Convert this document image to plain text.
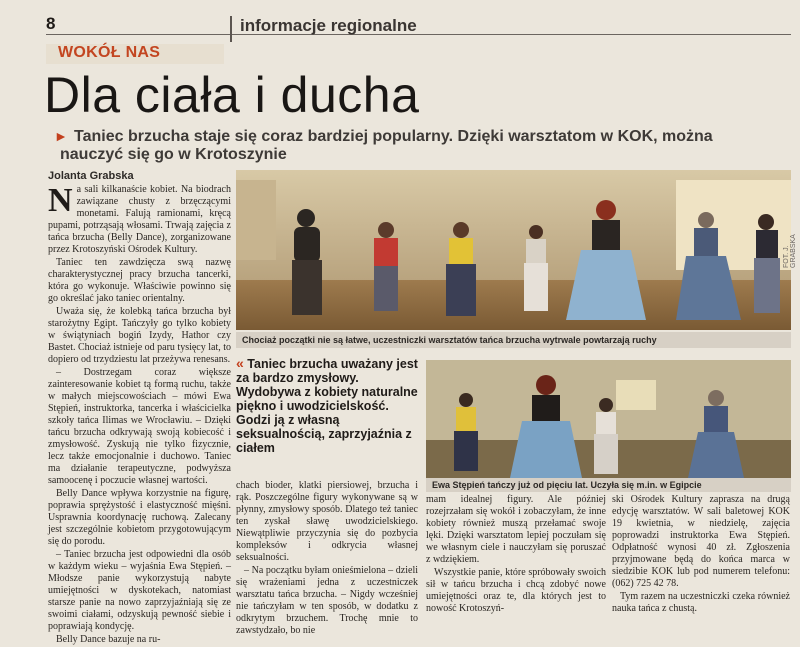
8	informacje regionalne
WOKÓŁ NAS
Dla ciała i ducha
► Taniec brzucha staje się coraz bardziej popularny. Dzięki warsztatom w KOK, można nauczyć się go w Krotoszynie
Jolanta Grabska

Na sali kilkanaście kobiet. Na biodrach zawiązane chusty z brzęczącymi monetami. Falują ramionami, kręcą pupami, potrząsają włosami. Trwają zajęcia z tańca brzucha (Belly Dance), zorganizowane przez Krotoszyński Ośrodek Kultury.

Taniec ten zawdzięcza swą nazwę charakterystycznej pracy brzucha tancerki, która go wykonuje. Właściwie powinno się go określać jako taniec orientalny.

Uważa się, że kolebką tańca brzucha był starożytny Egipt. Tańczyły go tylko kobiety w świątyniach bogiń Izydy, Hathor czy Bastet. Chociaż istnieje od paru tysięcy lat, to dopiero od trzydziestu lat przeżywa renesans.

– Dostrzegam coraz większe zainteresowanie kobiet tą formą ruchu, także w małych miejscowościach – mówi Ewa Stępień, instruktorka, tancerka i właścicielka szkoły tańca Ilimas we Wrocławiu. – Dzięki tańcu brzucha odkrywają swoją kobiecość i zmysłowość. Zyskują nie tylko fizycznie, lecz także emocjonalnie i duchowo. Taniec ma działanie terapeutyczne, podwyższa samoocenę i poczucie własnej wartości.

Belly Dance wpływa korzystnie na figurę, poprawia sprężystość i elastyczność mięśni. Usprawnia koordynację ruchową. Zalecany jest szczególnie kobietom przygotowującym się do porodu.

– Taniec brzucha jest odpowiedni dla osób w każdym wieku – wyjaśnia Ewa Stępień. – Młodsze panie wykorzystują nabyte umiejętności w dyskotekach, natomiast starsze panie na nowo zaprzyjaźniają się ze swoimi ciałami, odzyskują pewność siebie i poprawiają kondycję.

Belly Dance bazuje na ru-

Chociaż początki nie są łatwe, uczestniczki warsztatów tańca brzucha wytrwale powtarzają ruchy
FOT. J. GRABSKA
« Taniec brzucha uważany jest za bardzo zmysłowy. Wydobywa z kobiety naturalne piękno i uwodzicielskość. Godzi ją z własną seksualnością, zaprzyjaźnia z ciałem
Ewa Stępień tańczy już od pięciu lat. Uczyła się m.in. w Egipcie

chach bioder, klatki piersiowej, brzucha i rąk. Poszczególne figury wykonywane są w płynny, zmysłowy sposób. Dlatego też taniec ten zyskał sławę uwodzicielskiego. Niewątpliwie przyczynia się do pozbycia kompleksów i odkrycia własnej seksualności.

– Na początku byłam onieśmielona – dzieli się wrażeniami jedna z uczestniczek warsztatu tańca brzucha. – Nigdy wcześniej nie tańczyłam w ten sposób, w dodatku z odkrytym brzuchem. Trochę mnie to zawstydzało, bo nie

mam idealnej figury. Ale później rozejrzałam się wokół i zobaczyłam, że inne kobiety również muszą przełamać swoje lęki. Dzięki warsztatom lepiej poczułam się we własnym ciele i nauczyłam się poruszać z wdziękiem.

Wszystkie panie, które spróbowały swoich sił w tańcu brzucha i chcą zdobyć nowe umiejętności oraz te, dla których jest to nowość Krotoszyń-

ski Ośrodek Kultury zaprasza na drugą edycję warsztatów. W sali baletowej KOK 19 kwietnia, w niedzielę, zajęcia poprowadzi instruktorka Ewa Stępień. Odpłatność wynosi 40 zł. Zgłoszenia przyjmowane będą do końca marca w siedzibie KOK lub pod numerem telefonu: (062) 725 42 78.

Tym razem na uczestniczki czeka również nauka tańca z chustą.
